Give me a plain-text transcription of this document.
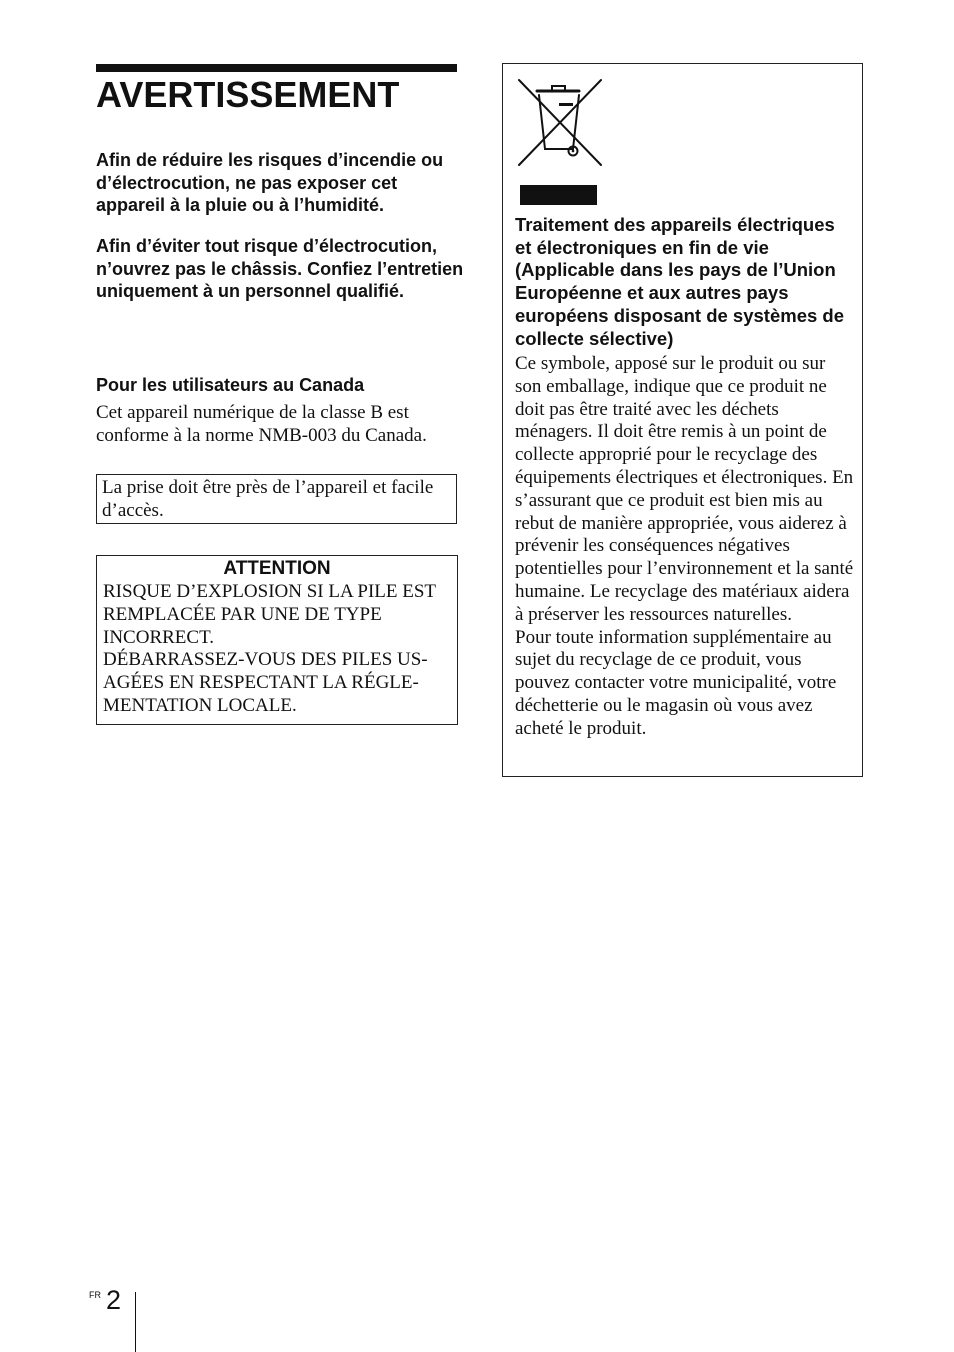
AVERTISSEMENT

Afin de réduire les risques d’incendie ou d’électrocution, ne pas exposer cet appareil à la pluie ou à l’humidité.

Afin d’éviter tout risque d’électrocution, n’ouvrez pas le châssis. Confiez l’entretien uniquement à un personnel qualifié.

Pour les utilisateurs au Canada

Cet appareil numérique de la classe B est conforme à la norme NMB-003 du Canada.

La prise doit être près de l’appareil et facile d’accès.

ATTENTION

RISQUE D’EXPLOSION SI LA PILE EST REMPLACÉE PAR UNE DE TYPE INCORRECT.
DÉBARRASSEZ-VOUS DES PILES US-AGÉES EN RESPECTANT LA RÉGLE-MENTATION LOCALE.

Traitement des appareils électriques et électroniques en fin de vie (Applicable dans les pays de l’Union Européenne et aux autres pays européens disposant de systèmes de collecte sélective)

Ce symbole, apposé sur le produit ou sur son emballage, indique que ce produit ne doit pas être traité avec les déchets ménagers. Il doit être remis à un point de collecte approprié pour le recyclage des équipements électriques et électroniques. En s’assurant que ce produit est bien mis au rebut de manière appropriée, vous aiderez à prévenir les conséquences négatives potentielles pour l’environnement et la santé humaine. Le recyclage des matériaux aidera à préserver les ressources naturelles.
Pour toute information supplémentaire au sujet du recyclage de ce produit, vous pouvez contacter votre municipalité, votre déchetterie ou le magasin où vous avez acheté le produit.

FR 2
